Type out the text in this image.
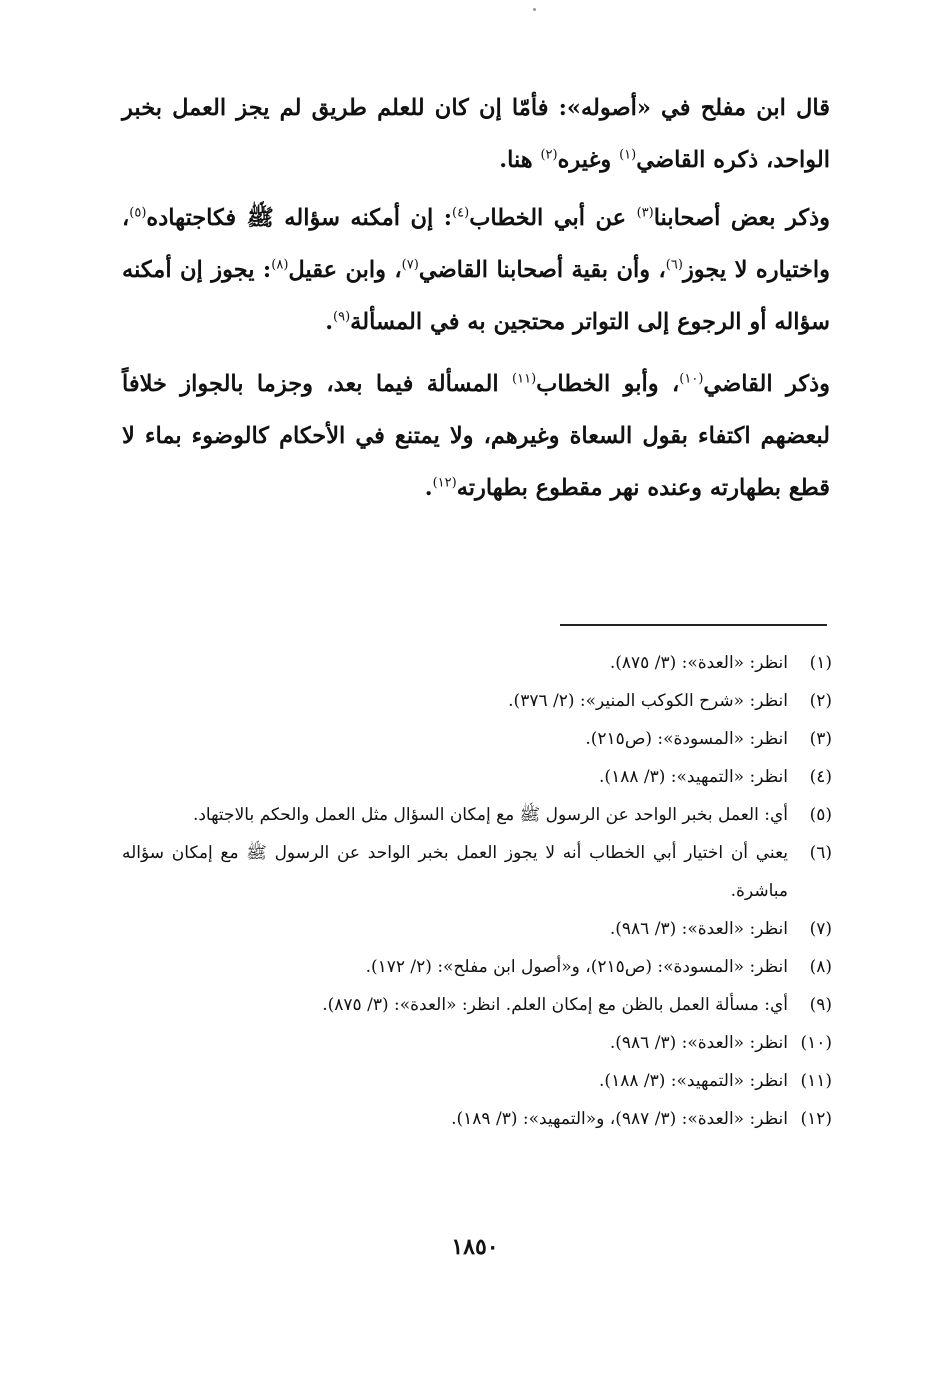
قال ابن مفلح في «أصوله»: فأمّا إن كان للعلم طريق لم يجز العمل بخبر الواحد، ذكره القاضي$^{(١)}$ وغيره$^{(٢)}$ هنا.

وذكر بعض أصحابنا$^{(٣)}$ عن أبي الخطاب$^{(٤)}$: إن أمكنه سؤاله ﷺ فكاجتهاده$^{(٥)}$، واختياره لا يجوز$^{(٦)}$، وأن بقية أصحابنا القاضي$^{(٧)}$، وابن عقيل$^{(٨)}$: يجوز إن أمكنه سؤاله أو الرجوع إلى التواتر محتجين به في المسألة$^{(٩)}$.

وذكر القاضي$^{(١٠)}$، وأبو الخطاب$^{(١١)}$ المسألة فيما بعد، وجزما بالجواز خلافاً لبعضهم اكتفاء بقول السعاة وغيرهم، ولا يمتنع في الأحكام كالوضوء بماء لا قطع بطهارته وعنده نهر مقطوع بطهارته$^{(١٢)}$.

(١)
انظر: «العدة»: (٣/ ٨٧٥).
(٢)
انظر: «شرح الكوكب المنير»: (٢/ ٣٧٦).
(٣)
انظر: «المسودة»: (ص٢١٥).
(٤)
انظر: «التمهيد»: (٣/ ١٨٨).
(٥)
أي: العمل بخبر الواحد عن الرسول ﷺ مع إمكان السؤال مثل العمل والحكم بالاجتهاد.
(٦)
يعني أن اختيار أبي الخطاب أنه لا يجوز العمل بخبر الواحد عن الرسول ﷺ مع إمكان سؤاله مباشرة.
(٧)
انظر: «العدة»: (٣/ ٩٨٦).
(٨)
انظر: «المسودة»: (ص٢١٥)، و«أصول ابن مفلح»: (٢/ ١٧٢).
(٩)
أي: مسألة العمل بالظن مع إمكان العلم. انظر: «العدة»: (٣/ ٨٧٥).
(١٠)
انظر: «العدة»: (٣/ ٩٨٦).
(١١)
انظر: «التمهيد»: (٣/ ١٨٨).
(١٢)
انظر: «العدة»: (٣/ ٩٨٧)، و«التمهيد»: (٣/ ١٨٩).
١٨٥٠
